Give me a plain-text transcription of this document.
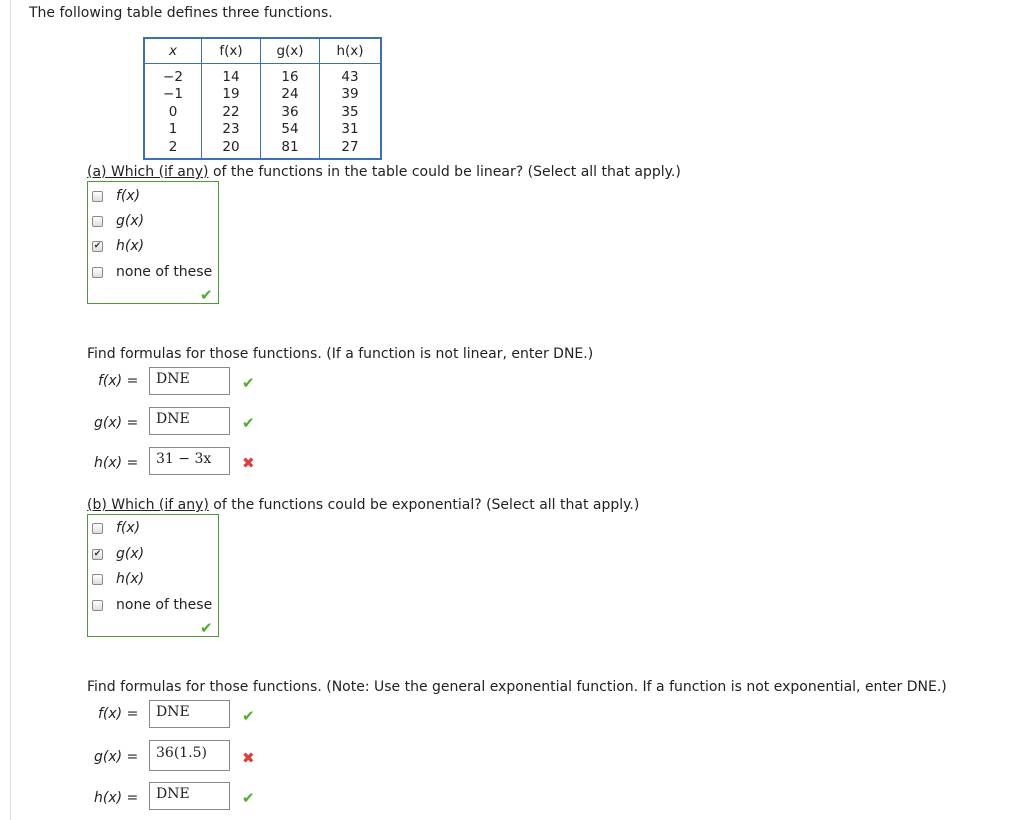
The following table defines three functions.
x	f(x)	g(x)	h(x)
−2	14	16	43
−1	19	24	39
0	22	36	35
1	23	54	31
2	20	81	27
(a) Which (if any) of the functions in the table could be linear? (Select all that apply.)
f(x)
g(x)
✔ h(x)
none of these
✔
Find formulas for those functions. (If a function is not linear, enter DNE.)
f(x) =	DNE	✔
g(x) =	DNE	✔
h(x) =	31 − 3x	✖
(b) Which (if any) of the functions could be exponential? (Select all that apply.)
f(x)
✔ g(x)
h(x)
none of these
✔
Find formulas for those functions. (Note: Use the general exponential function. If a function is not exponential, enter DNE.)
f(x) =	DNE	✔
g(x) =	36(1.5)	✖
h(x) =	DNE	✔
